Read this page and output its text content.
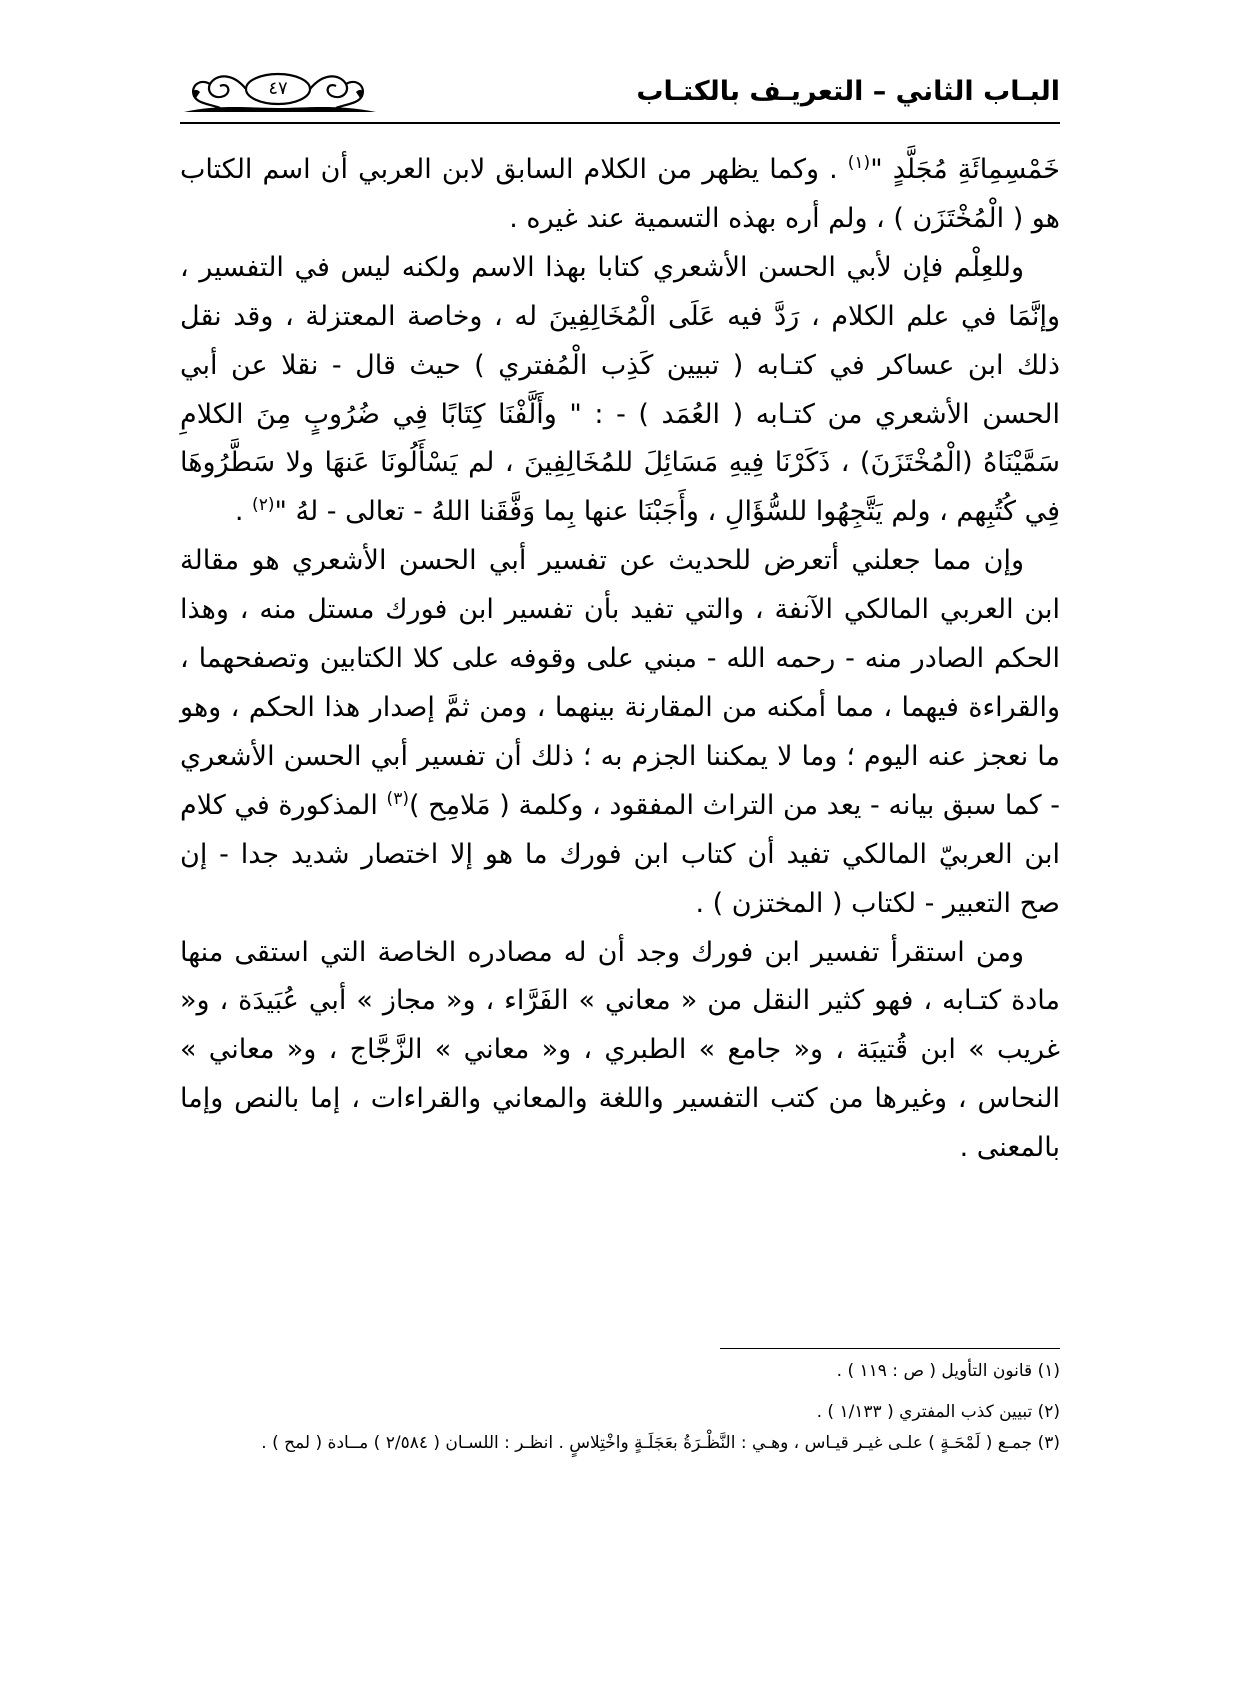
البـاب الثاني – التعريـف بالكتـاب
٤٧

خَمْسِمِائَةِ مُجَلَّدٍ "$^{(١)}$ . وكما يظهر من الكلام السابق لابن العربي أن اسم الكتاب هو ( الْمُخْتَزَن ) ، ولم أره بهذه التسمية عند غيره .

وللعِلْم فإن لأبي الحسن الأشعري كتابا بهذا الاسم ولكنه ليس في التفسير ، وإنَّمَا في علم الكلام ، رَدَّ فيه عَلَى الْمُخَالِفِينَ له ، وخاصة المعتزلة ، وقد نقل ذلك ابن عساكر في كتـابه ( تبيين كَذِب الْمُفتري ) حيث قال - نقلا عن أبي الحسن الأشعري من كتـابه ( العُمَد ) - : " وأَلَّفْنَا كِتَابًا فِي ضُرُوبٍ مِنَ الكلامِ سَمَّيْنَاهُ (الْمُخْتَزَنَ) ، ذَكَرْنَا فِيهِ مَسَائِلَ للمُخَالِفِينَ ، لم يَسْأَلُونَا عَنهَا ولا سَطَّرُوهَا فِي كُتُبِهم ، ولم يَتَّجِهُوا للسُّؤَالِ ، وأَجَبْنَا عنها بِما وَفَّقَنا اللهُ - تعالى - لهُ "$^{(٢)}$ .

وإن مما جعلني أتعرض للحديث عن تفسير أبي الحسن الأشعري هو مقالة ابن العربي المالكي الآنفة ، والتي تفيد بأن تفسير ابن فورك مستل منه ، وهذا الحكم الصادر منه - رحمه الله - مبني على وقوفه على كلا الكتابين وتصفحهما ، والقراءة فيهما ، مما أمكنه من المقارنة بينهما ، ومن ثمَّ إصدار هذا الحكم ، وهو ما نعجز عنه اليوم ؛ وما لا يمكننا الجزم به ؛ ذلك أن تفسير أبي الحسن الأشعري - كما سبق بيانه - يعد من التراث المفقود ، وكلمة ( مَلامِح )$^{(٣)}$ المذكورة في كلام ابن العربيّ المالكي تفيد أن كتاب ابن فورك ما هو إلا اختصار شديد جدا - إن صح التعبير - لكتاب ( المختزن ) .

ومن استقرأ تفسير ابن فورك وجد أن له مصادره الخاصة التي استقى منها مادة كتـابه ، فهو كثير النقل من « معاني » الفَرَّاء ، و« مجاز » أبي عُبَيدَة ، و« غريب » ابن قُتيبَة ، و« جامع » الطبري ، و« معاني » الزَّجَّاج ، و« معاني » النحاس ، وغيرها من كتب التفسير واللغة والمعاني والقراءات ، إما بالنص وإما بالمعنى .

(١) قانون التأويل ( ص : ١١٩ ) .

(٢) تبيين كذب المفتري ( ١/١٣٣ ) .

(٣) جمـع ( لَمْحَـةٍ ) علـى غيـر قيـاس ، وهـي : النَّظْـرَةُ بعَجَلَـةٍ واخْتِلاسٍ . انظـر : اللسـان ( ٢/٥٨٤ ) مــادة ( لمح ) .
